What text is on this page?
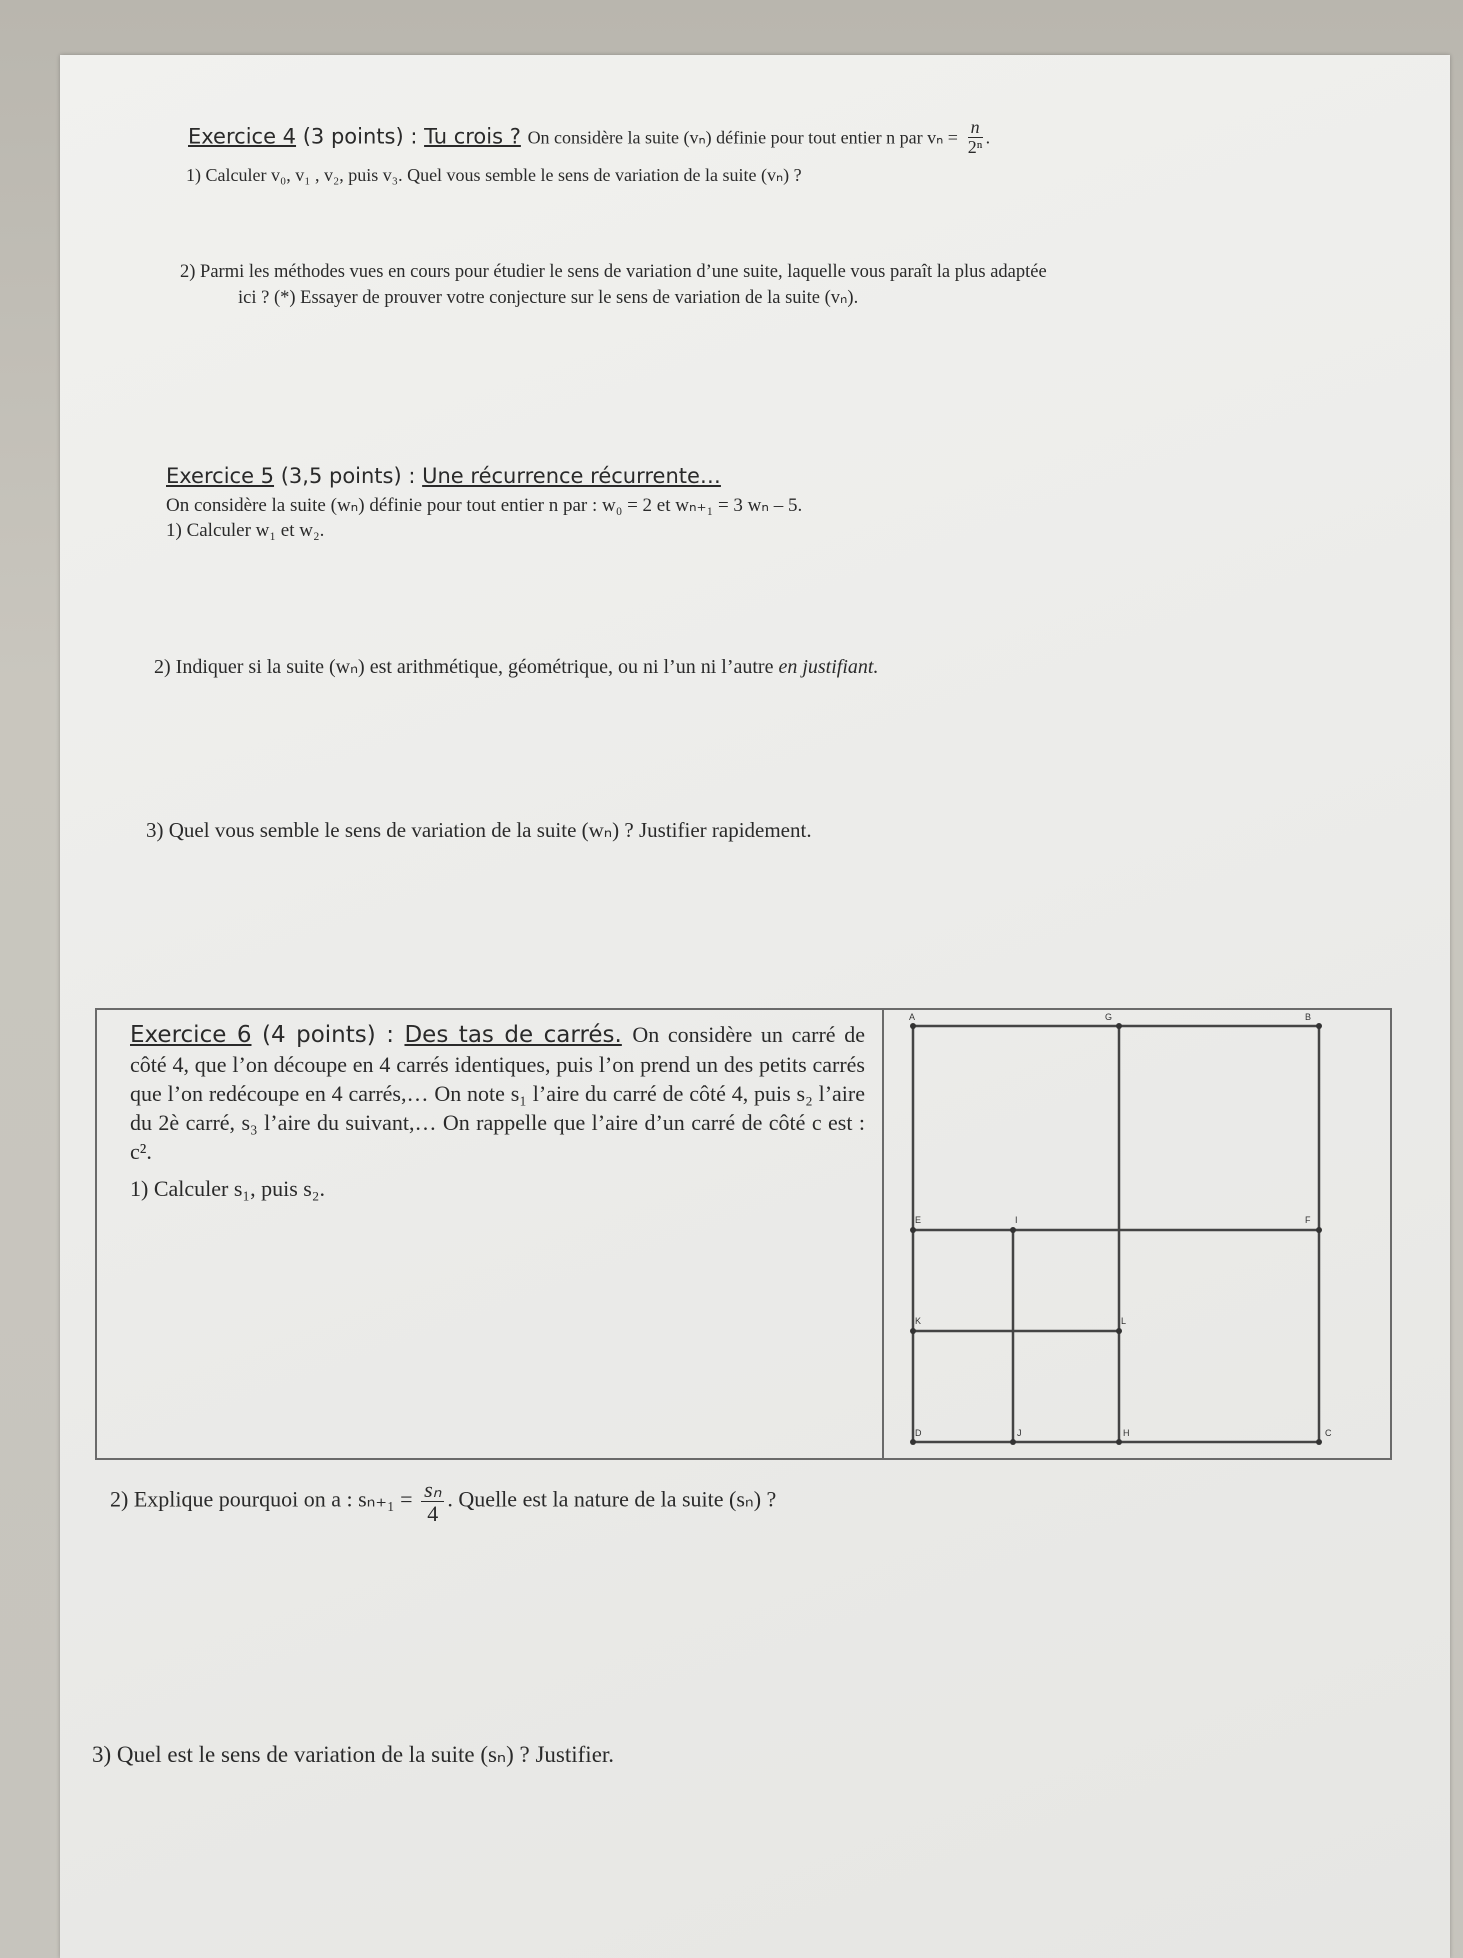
Exercice 4 (3 points) : Tu crois ? On considère la suite (vₙ) définie pour tout entier n par $v_n = \frac{n}{\text{2ⁿ}}$ .
1) Calculer v₀, v₁ , v₂, puis v₃. Quel vous semble le sens de variation de la suite (vₙ) ?
2) Parmi les méthodes vues en cours pour étudier le sens de variation d’une suite, laquelle vous paraît la plus adaptée
ici ? (*) Essayer de prouver votre conjecture sur le sens de variation de la suite (vₙ).
Exercice 5 (3,5 points) : Une récurrence récurrente…
On considère la suite (wₙ) définie pour tout entier n par : w₀ = 2 et wₙ₊₁ = 3 wₙ – 5.
1) Calculer w₁ et w₂.
2) Indiquer si la suite (wₙ) est arithmétique, géométrique, ou ni l’un ni l’autre en justifiant.
3) Quel vous semble le sens de variation de la suite (wₙ) ? Justifier rapidement.

Exercice 6 (4 points) : Des tas de carrés. On considère un carré de côté 4, que l’on découpe en 4 carrés identiques, puis l’on prend un des petits carrés que l’on redécoupe en 4 carrés,… On note s₁ l’aire du carré de côté 4, puis s₂ l’aire du 2è carré, s₃ l’aire du suivant,… On rappelle que l’aire d’un carré de côté c est : c².

1) Calculer s₁, puis s₂.

A	G	B
E	I	F
K	L
D	J	H	C
2) Explique pourquoi on a : $s_{n+1} = \frac{\text{sₙ}}{4}$ . Quelle est la nature de la suite (sₙ) ?
3) Quel est le sens de variation de la suite (sₙ) ? Justifier.
